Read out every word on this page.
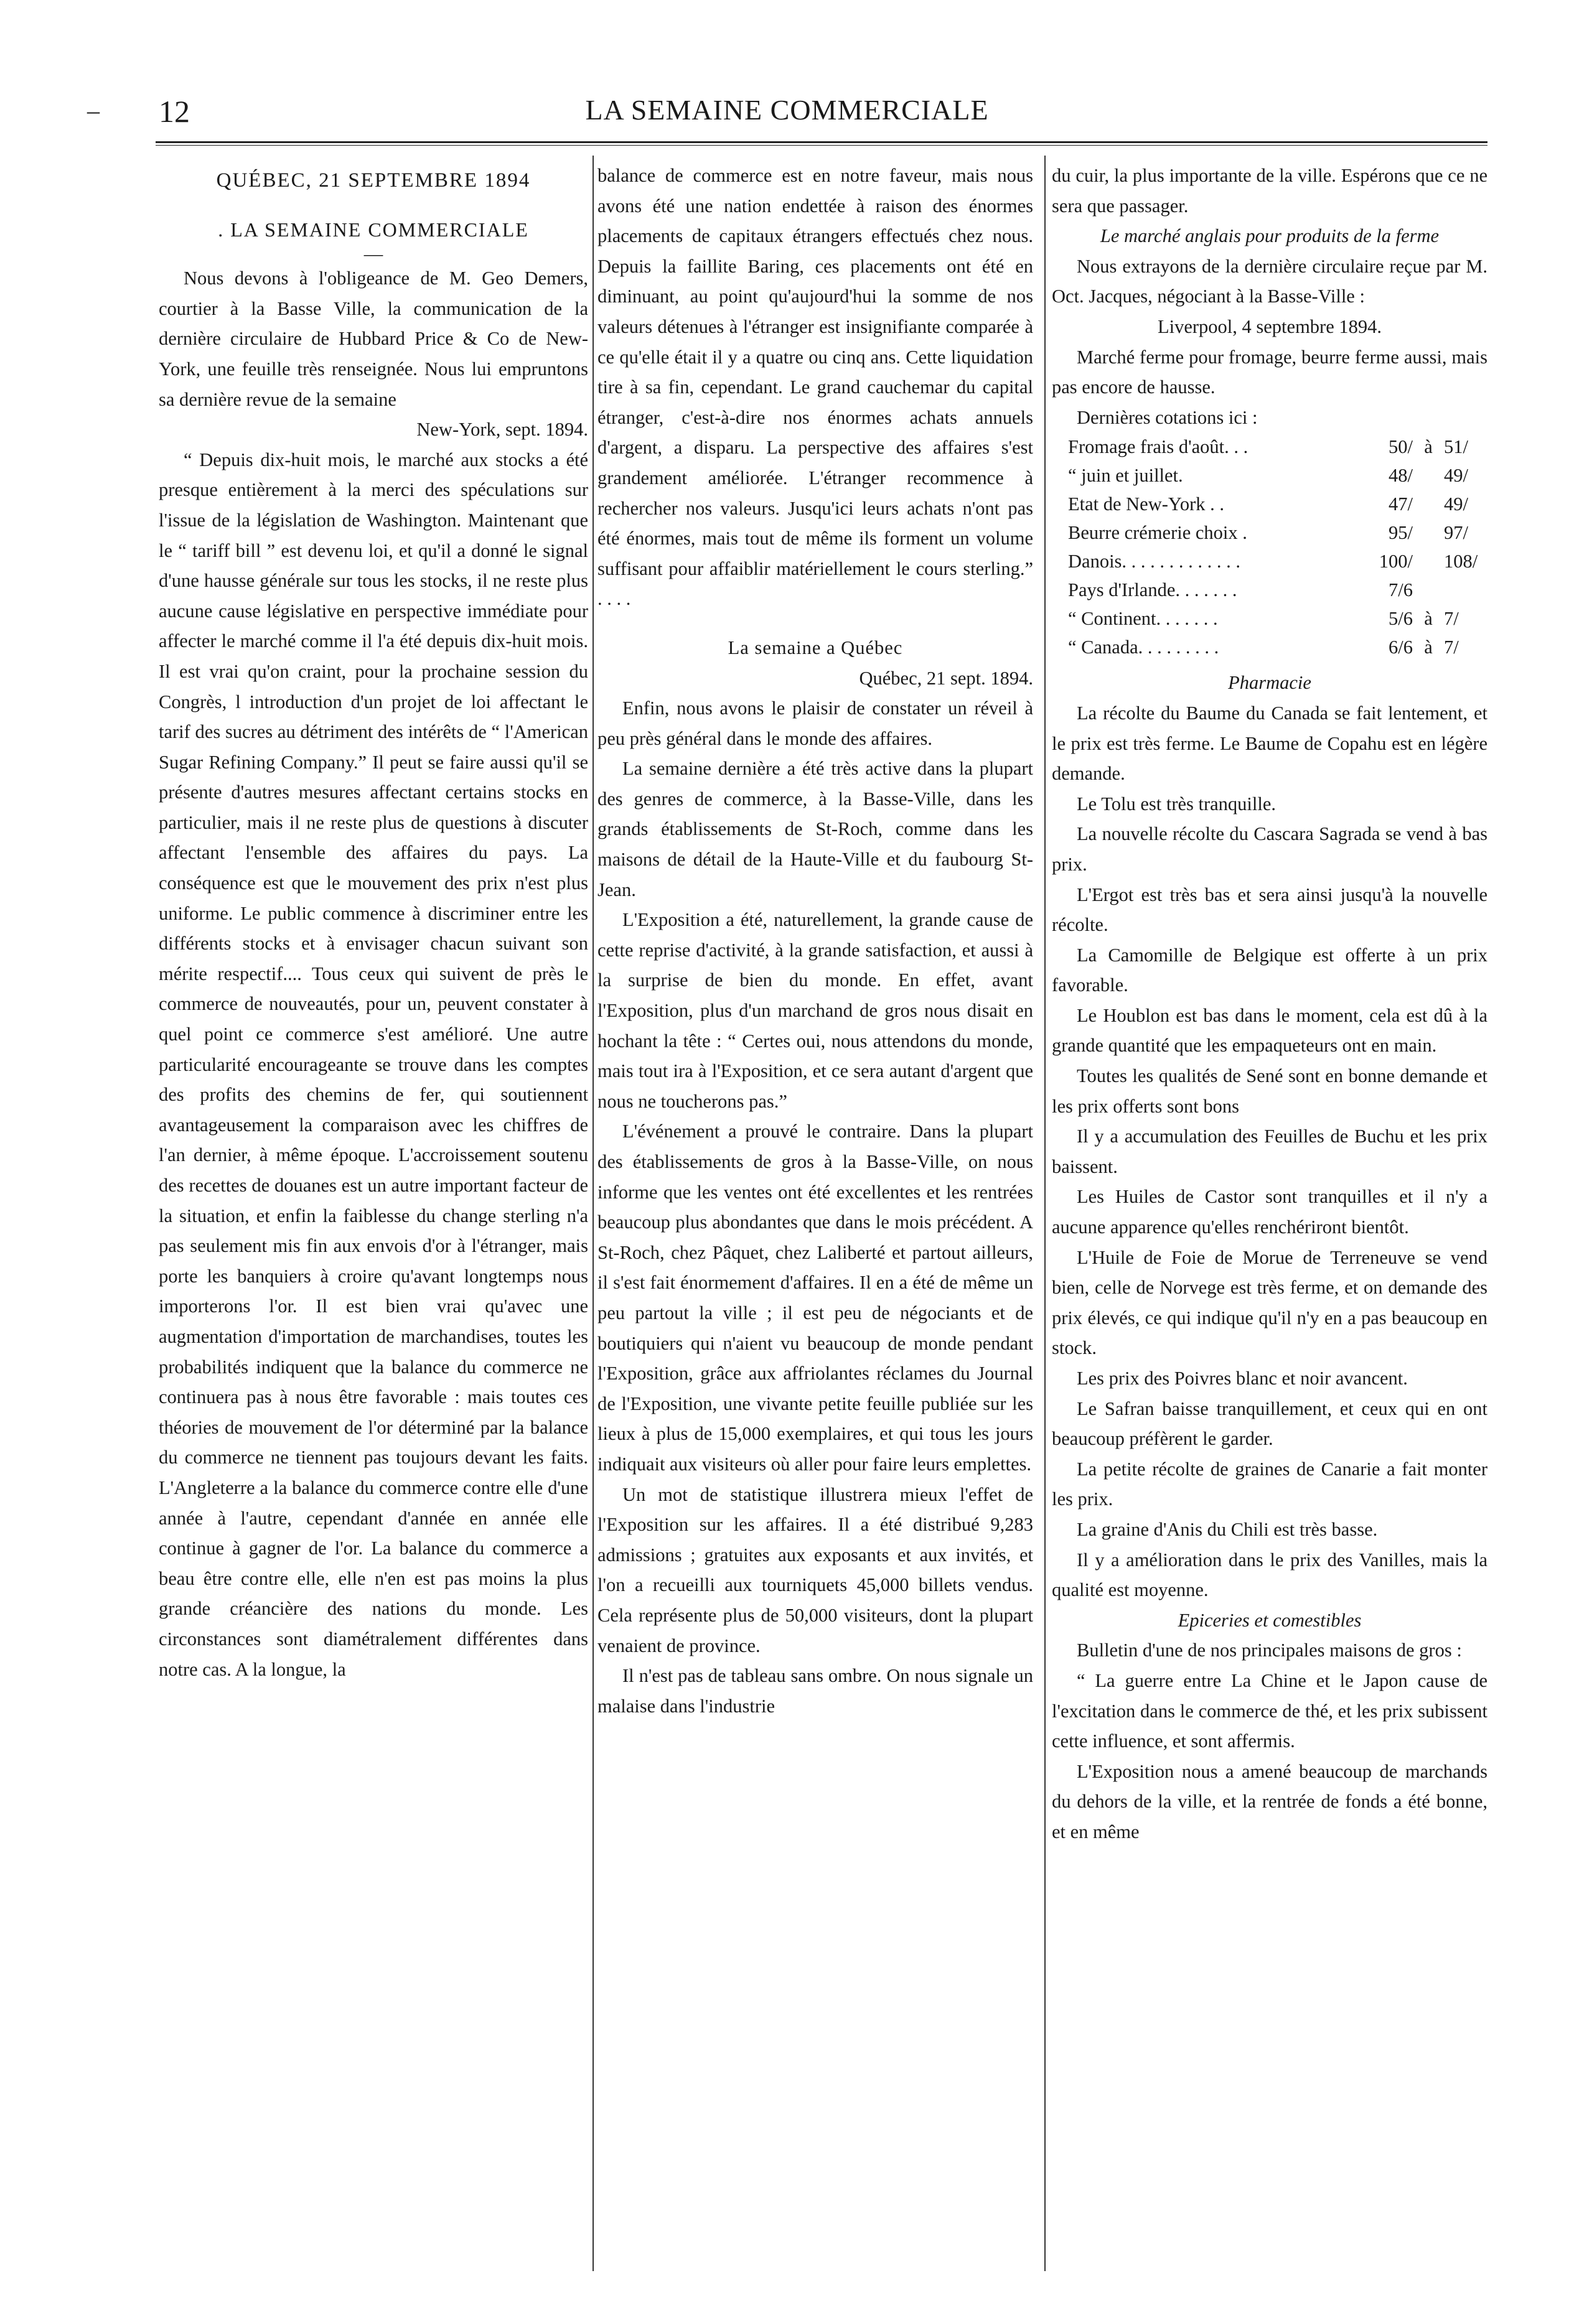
– 12	LA SEMAINE COMMERCIALE

QUÉBEC, 21 SEPTEMBRE 1894

. LA SEMAINE COMMERCIALE

—

Nous devons à l'obligeance de M. Geo Demers, courtier à la Basse Ville, la communication de la dernière circulaire de Hubbard Price & Co de New-York, une feuille très renseignée. Nous lui empruntons sa dernière revue de la semaine

New-York, sept. 1894.

“ Depuis dix-huit mois, le marché aux stocks a été presque entièrement à la merci des spéculations sur l'issue de la législation de Washington. Maintenant que le “ tariff bill ” est devenu loi, et qu'il a donné le signal d'une hausse générale sur tous les stocks, il ne reste plus aucune cause législative en perspective immédiate pour affecter le marché comme il l'a été depuis dix-huit mois. Il est vrai qu'on craint, pour la prochaine session du Congrès, l introduction d'un projet de loi affectant le tarif des sucres au détriment des intérêts de “ l'American Sugar Refining Company.” Il peut se faire aussi qu'il se présente d'autres mesures affectant certains stocks en particulier, mais il ne reste plus de questions à discuter affectant l'ensemble des affaires du pays. La conséquence est que le mouvement des prix n'est plus uniforme. Le public commence à discriminer entre les différents stocks et à envisager chacun suivant son mérite respectif.... Tous ceux qui suivent de près le commerce de nouveautés, pour un, peuvent constater à quel point ce commerce s'est amélioré. Une autre particularité encourageante se trouve dans les comptes des profits des chemins de fer, qui soutiennent avantageusement la comparaison avec les chiffres de l'an dernier, à même époque. L'accroissement soutenu des recettes de douanes est un autre important facteur de la situation, et enfin la faiblesse du change sterling n'a pas seulement mis fin aux envois d'or à l'étranger, mais porte les banquiers à croire qu'avant longtemps nous importerons l'or. Il est bien vrai qu'avec une augmentation d'importation de marchandises, toutes les probabilités indiquent que la balance du commerce ne continuera pas à nous être favorable : mais toutes ces théories de mouvement de l'or déterminé par la balance du commerce ne tiennent pas toujours devant les faits. L'Angleterre a la balance du commerce contre elle d'une année à l'autre, cependant d'année en année elle continue à gagner de l'or. La balance du commerce a beau être contre elle, elle n'en est pas moins la plus grande créancière des nations du monde. Les circonstances sont diamétralement différentes dans notre cas. A la longue, la

balance de commerce est en notre faveur, mais nous avons été une nation endettée à raison des énormes placements de capitaux étrangers effectués chez nous. Depuis la faillite Baring, ces placements ont été en diminuant, au point qu'aujourd'hui la somme de nos valeurs détenues à l'étranger est insignifiante comparée à ce qu'elle était il y a quatre ou cinq ans. Cette liquidation tire à sa fin, cependant. Le grand cauchemar du capital étranger, c'est-à-dire nos énormes achats annuels d'argent, a disparu. La perspective des affaires s'est grandement améliorée. L'étranger recommence à rechercher nos valeurs. Jusqu'ici leurs achats n'ont pas été énormes, mais tout de même ils forment un volume suffisant pour affaiblir matériellement le cours sterling.” . . . .

La semaine a Québec

Québec, 21 sept. 1894.

Enfin, nous avons le plaisir de constater un réveil à peu près général dans le monde des affaires.

La semaine dernière a été très active dans la plupart des genres de commerce, à la Basse-Ville, dans les grands établissements de St-Roch, comme dans les maisons de détail de la Haute-Ville et du faubourg St-Jean.

L'Exposition a été, naturellement, la grande cause de cette reprise d'activité, à la grande satisfaction, et aussi à la surprise de bien du monde. En effet, avant l'Exposition, plus d'un marchand de gros nous disait en hochant la tête : “ Certes oui, nous attendons du monde, mais tout ira à l'Exposition, et ce sera autant d'argent que nous ne toucherons pas.”

L'événement a prouvé le contraire. Dans la plupart des établissements de gros à la Basse-Ville, on nous informe que les ventes ont été excellentes et les rentrées beaucoup plus abondantes que dans le mois précédent. A St-Roch, chez Pâquet, chez Laliberté et partout ailleurs, il s'est fait énormement d'affaires. Il en a été de même un peu partout la ville ; il est peu de négociants et de boutiquiers qui n'aient vu beaucoup de monde pendant l'Exposition, grâce aux affriolantes réclames du Journal de l'Exposition, une vivante petite feuille publiée sur les lieux à plus de 15,000 exemplaires, et qui tous les jours indiquait aux visiteurs où aller pour faire leurs emplettes.

Un mot de statistique illustrera mieux l'effet de l'Exposition sur les affaires. Il a été distribué 9,283 admissions ; gratuites aux exposants et aux invités, et l'on a recueilli aux tourniquets 45,000 billets vendus. Cela représente plus de 50,000 visiteurs, dont la plupart venaient de province.

Il n'est pas de tableau sans ombre. On nous signale un malaise dans l'industrie

du cuir, la plus importante de la ville. Espérons que ce ne sera que passager.

Le marché anglais pour produits de la ferme

Nous extrayons de la dernière circulaire reçue par M. Oct. Jacques, négociant à la Basse-Ville :

Liverpool, 4 septembre 1894.

Marché ferme pour fromage, beurre ferme aussi, mais pas encore de hausse.

Dernières cotations ici :

Fromage frais d'août. . .	50/	à	51/
“ juin et juillet.	48/		49/
Etat de New-York . .	47/		49/
Beurre crémerie choix .	95/		97/
Danois. . . . . . . . . . . . .	100/		108/
Pays d'Irlande. . . . . . .	7/6		
“ Continent. . . . . . .	5/6	à	7/
“ Canada. . . . . . . . .	6/6	à	7/

Pharmacie

La récolte du Baume du Canada se fait lentement, et le prix est très ferme. Le Baume de Copahu est en légère demande.

Le Tolu est très tranquille.

La nouvelle récolte du Cascara Sagrada se vend à bas prix.

L'Ergot est très bas et sera ainsi jusqu'à la nouvelle récolte.

La Camomille de Belgique est offerte à un prix favorable.

Le Houblon est bas dans le moment, cela est dû à la grande quantité que les empaqueteurs ont en main.

Toutes les qualités de Sené sont en bonne demande et les prix offerts sont bons

Il y a accumulation des Feuilles de Buchu et les prix baissent.

Les Huiles de Castor sont tranquilles et il n'y a aucune apparence qu'elles renchériront bientôt.

L'Huile de Foie de Morue de Terreneuve se vend bien, celle de Norvege est très ferme, et on demande des prix élevés, ce qui indique qu'il n'y en a pas beaucoup en stock.

Les prix des Poivres blanc et noir avancent.

Le Safran baisse tranquillement, et ceux qui en ont beaucoup préfèrent le garder.

La petite récolte de graines de Canarie a fait monter les prix.

La graine d'Anis du Chili est très basse.

Il y a amélioration dans le prix des Vanilles, mais la qualité est moyenne.

Epiceries et comestibles

Bulletin d'une de nos principales maisons de gros :

“ La guerre entre La Chine et le Japon cause de l'excitation dans le commerce de thé, et les prix subissent cette influence, et sont affermis.

L'Exposition nous a amené beaucoup de marchands du dehors de la ville, et la rentrée de fonds a été bonne, et en même
